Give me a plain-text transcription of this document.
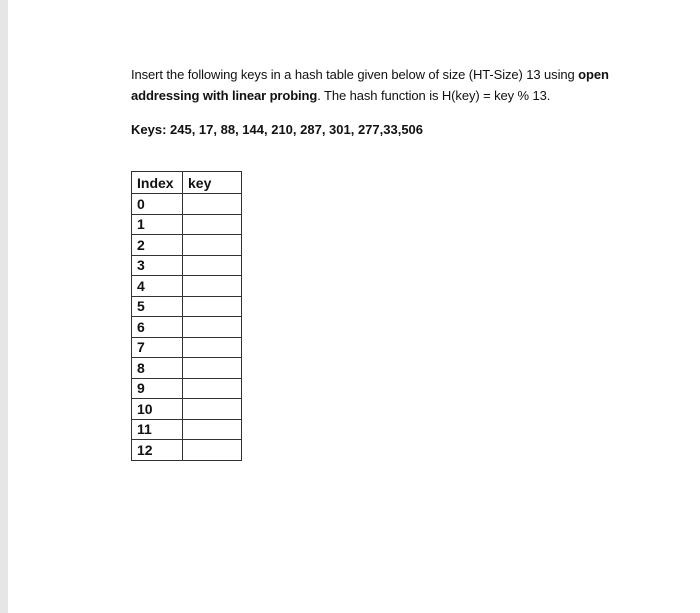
Insert the following keys in a hash table given below of size (HT-Size) 13 using open addressing with linear probing. The hash function is H(key) = key % 13.

Keys: 245, 17, 88, 144, 210, 287, 301, 277,33,506

Index	key
0	
1	
2	
3	
4	
5	
6	
7	
8	
9	
10	
11	
12	
